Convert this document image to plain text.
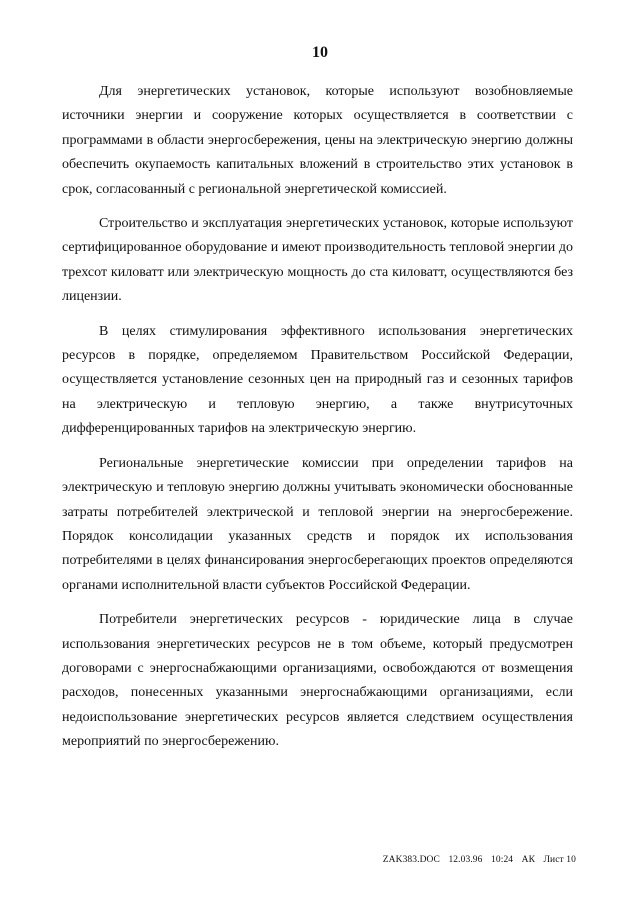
10

Для энергетических установок, которые используют возобновляемые источники энергии и сооружение которых осуществляется в соответствии с программами в области энергосбережения, цены на электрическую энергию должны обеспечить окупаемость капитальных вложений в строительство этих установок в срок, согласованный с региональной энергетической комиссией.

Строительство и эксплуатация энергетических установок, которые используют сертифицированное оборудование и имеют производительность тепловой энергии до трехсот киловатт или электрическую мощность до ста киловатт, осуществляются без лицензии.

В целях стимулирования эффективного использования энергетических ресурсов в порядке, определяемом Правительством Российской Федерации, осуществляется установление сезонных цен на природный газ и сезонных тарифов на электрическую и тепловую энергию, а также внутрисуточных дифференцированных тарифов на электрическую энергию.

Региональные энергетические комиссии при определении тарифов на электрическую и тепловую энергию должны учитывать экономически обоснованные затраты потребителей электрической и тепловой энергии на энергосбережение. Порядок консолидации указанных средств и порядок их использования потребителями в целях финансирования энергосберегающих проектов определяются органами исполнительной власти субъектов Российской Федерации.

Потребители энергетических ресурсов - юридические лица в случае использования энергетических ресурсов не в том объеме, который предусмотрен договорами с энергоснабжающими организациями, освобождаются от возмещения расходов, понесенных указанными энергоснабжающими организациями, если недоиспользование энергетических ресурсов является следствием осуществления мероприятий по энергосбережению.

ZAK383.DOC 12.03.96 10:24 АК Лист 10
